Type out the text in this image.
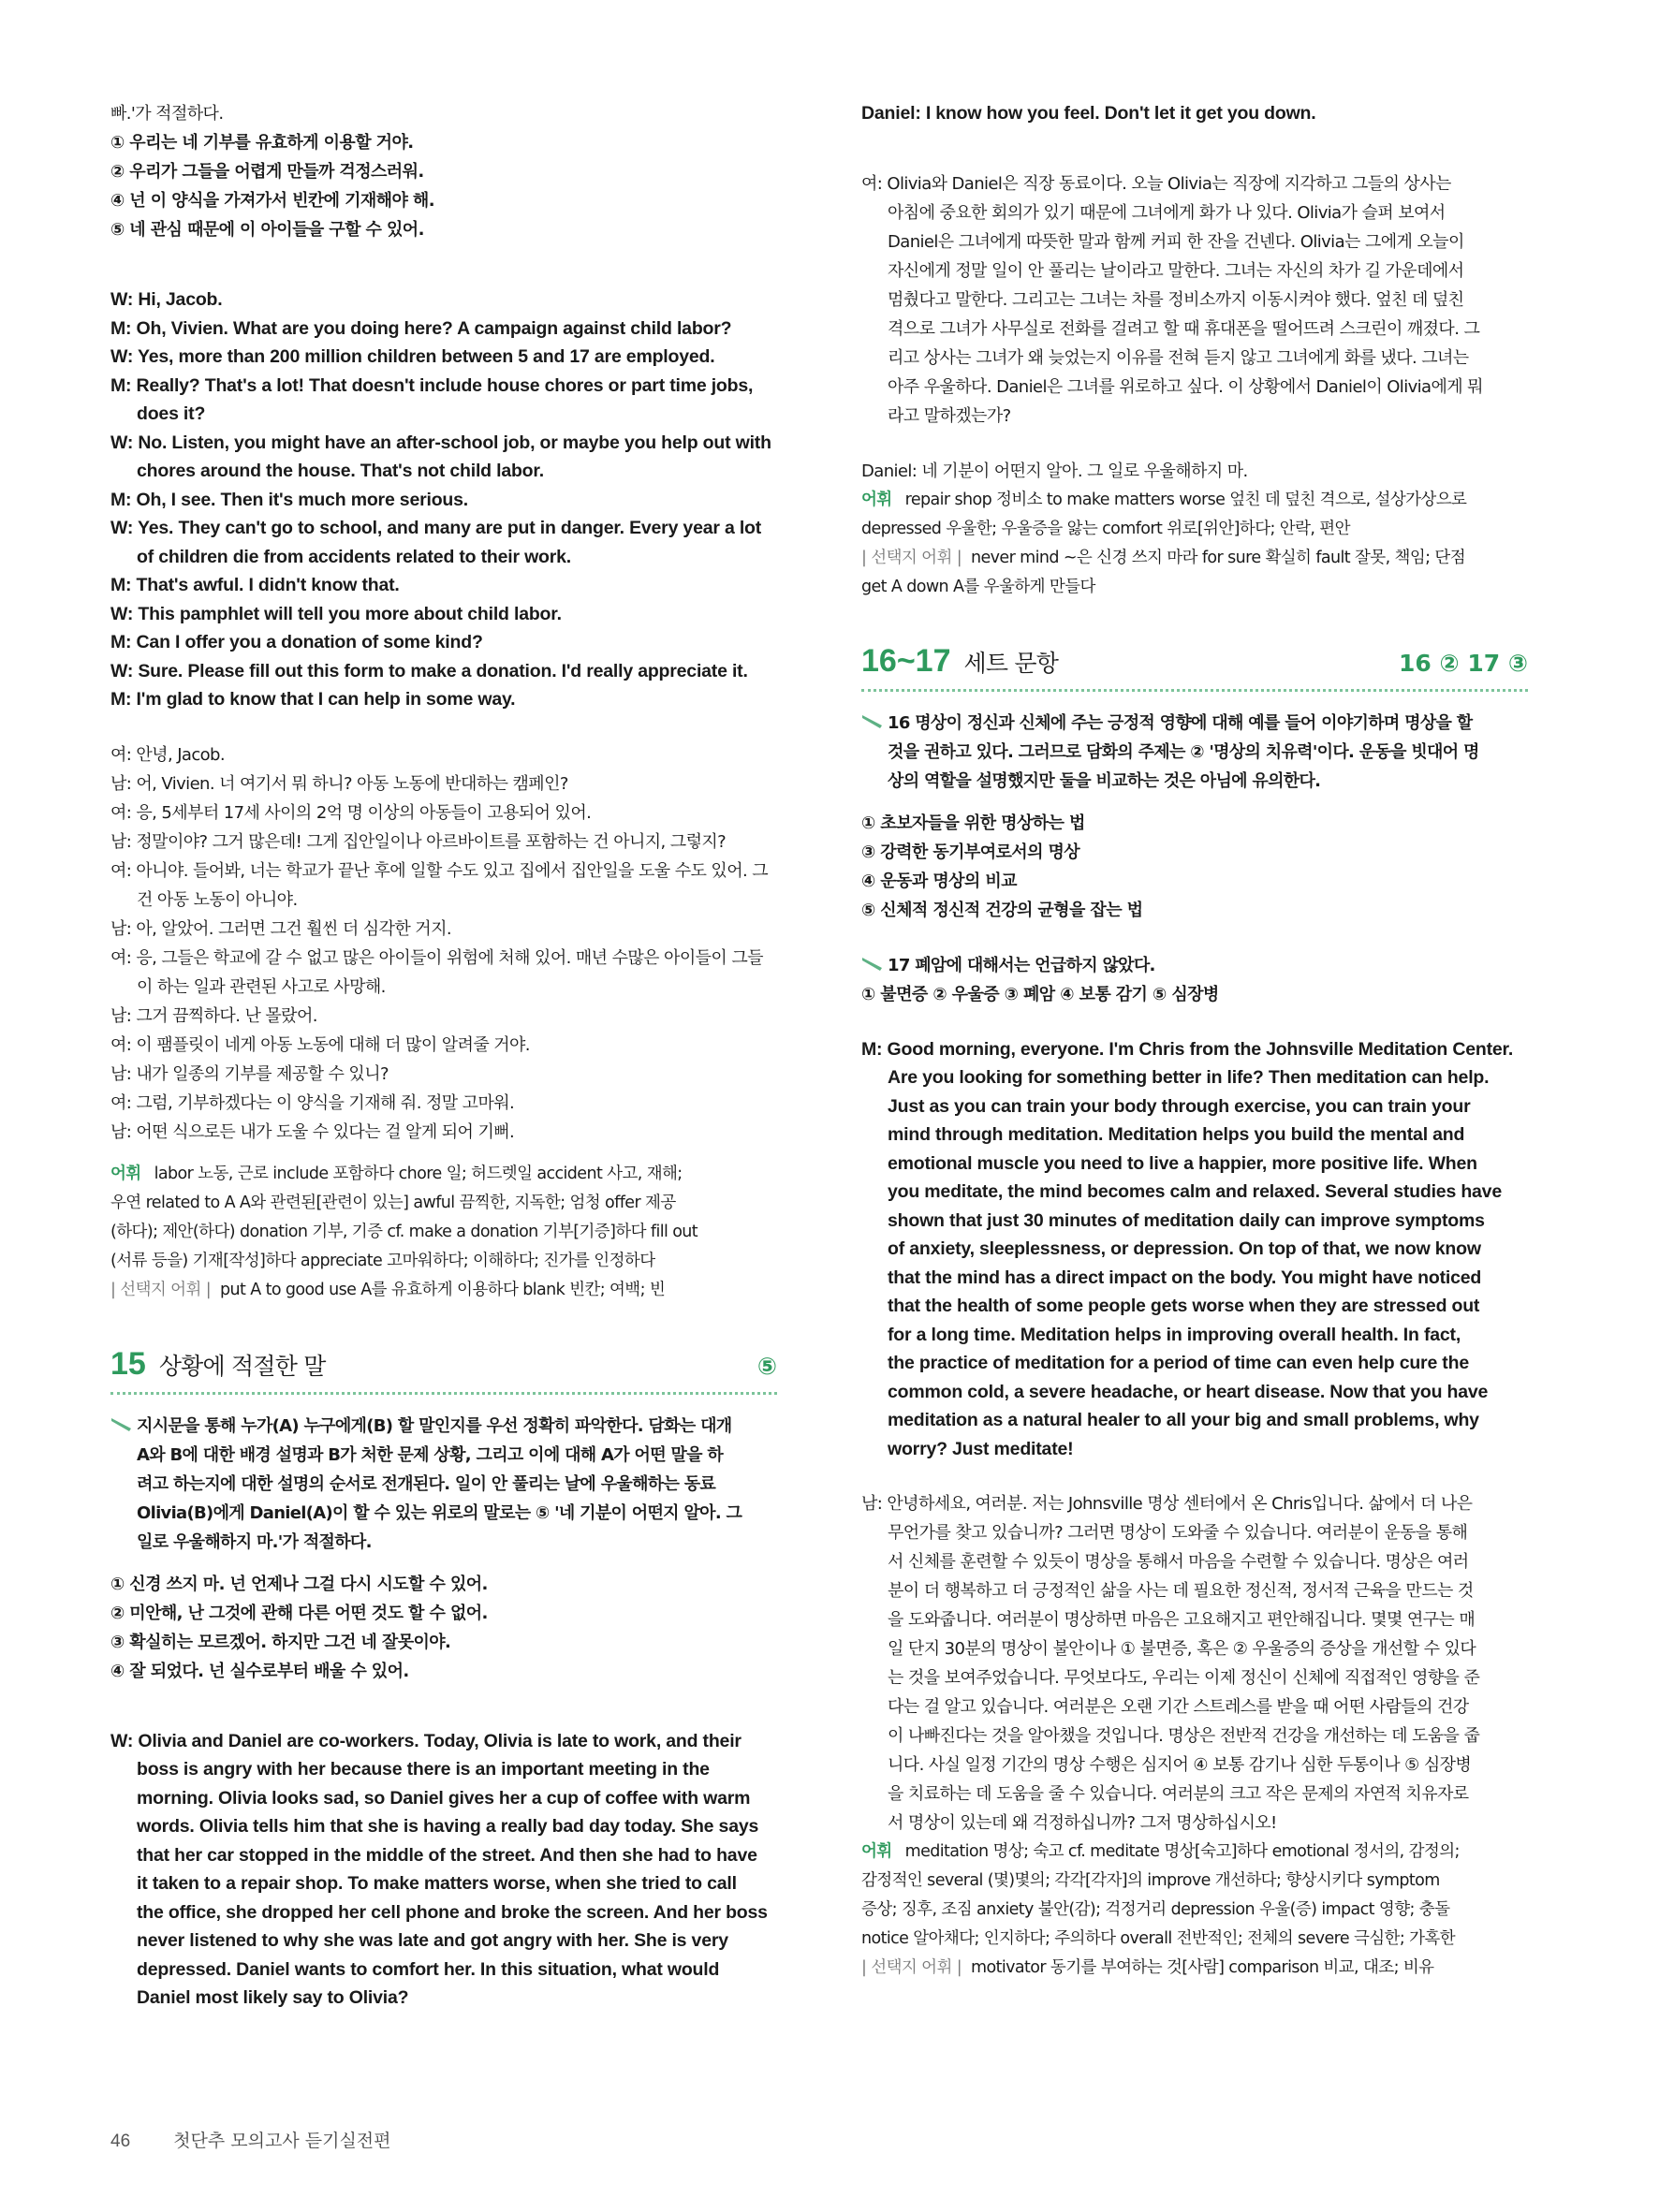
빠.'가 적절하다.
① 우리는 네 기부를 유효하게 이용할 거야.
② 우리가 그들을 어렵게 만들까 걱정스러워.
④ 넌 이 양식을 가져가서 빈칸에 기재해야 해.
⑤ 네 관심 때문에 이 아이들을 구할 수 있어.
W: Hi, Jacob.
M: Oh, Vivien. What are you doing here? A campaign against child labor?
W: Yes, more than 200 million children between 5 and 17 are employed.
M: Really? That's a lot! That doesn't include house chores or part time jobs, does it?
W: No. Listen, you might have an after-school job, or maybe you help out with chores around the house. That's not child labor.
M: Oh, I see. Then it's much more serious.
W: Yes. They can't go to school, and many are put in danger. Every year a lot of children die from accidents related to their work.
M: That's awful. I didn't know that.
W: This pamphlet will tell you more about child labor.
M: Can I offer you a donation of some kind?
W: Sure. Please fill out this form to make a donation. I'd really appreciate it.
M: I'm glad to know that I can help in some way.
여: 안녕, Jacob.
남: 어, Vivien. 너 여기서 뭐 하니? 아동 노동에 반대하는 캠페인?
여: 응, 5세부터 17세 사이의 2억 명 이상의 아동들이 고용되어 있어.
남: 정말이야? 그거 많은데! 그게 집안일이나 아르바이트를 포함하는 건 아니지, 그렇지?
여: 아니야. 들어봐, 너는 학교가 끝난 후에 일할 수도 있고 집에서 집안일을 도울 수도 있어. 그건 아동 노동이 아니야.
남: 아, 알았어. 그러면 그건 훨씬 더 심각한 거지.
여: 응, 그들은 학교에 갈 수 없고 많은 아이들이 위험에 처해 있어. 매년 수많은 아이들이 그들이 하는 일과 관련된 사고로 사망해.
남: 그거 끔찍하다. 난 몰랐어.
여: 이 팸플릿이 네게 아동 노동에 대해 더 많이 알려줄 거야.
남: 내가 일종의 기부를 제공할 수 있니?
여: 그럼, 기부하겠다는 이 양식을 기재해 줘. 정말 고마워.
남: 어떤 식으로든 내가 도울 수 있다는 걸 알게 되어 기뻐.
어휘 labor 노동, 근로 include 포함하다 chore 일; 허드렛일 accident 사고, 재해;
우연 related to A A와 관련된[관련이 있는] awful 끔찍한, 지독한; 엄청 offer 제공
(하다); 제안(하다) donation 기부, 기증 cf. make a donation 기부[기증]하다 fill out
(서류 등을) 기재[작성]하다 appreciate 고마워하다; 이해하다; 진가를 인정하다
| 선택지 어휘 | put A to good use A를 유효하게 이용하다 blank 빈칸; 여백; 빈
15 상황에 적절한 말	⑤
지시문을 통해 누가(A) 누구에게(B) 할 말인지를 우선 정확히 파악한다. 담화는 대개
A와 B에 대한 배경 설명과 B가 처한 문제 상황, 그리고 이에 대해 A가 어떤 말을 하
려고 하는지에 대한 설명의 순서로 전개된다. 일이 안 풀리는 날에 우울해하는 동료
Olivia(B)에게 Daniel(A)이 할 수 있는 위로의 말로는 ⑤ '네 기분이 어떤지 알아. 그
일로 우울해하지 마.'가 적절하다.
① 신경 쓰지 마. 넌 언제나 그걸 다시 시도할 수 있어.
② 미안해, 난 그것에 관해 다른 어떤 것도 할 수 없어.
③ 확실히는 모르겠어. 하지만 그건 네 잘못이야.
④ 잘 되었다. 넌 실수로부터 배울 수 있어.
W: Olivia and Daniel are co-workers. Today, Olivia is late to work, and their
boss is angry with her because there is an important meeting in the
morning. Olivia looks sad, so Daniel gives her a cup of coffee with warm
words. Olivia tells him that she is having a really bad day today. She says
that her car stopped in the middle of the street. And then she had to have
it taken to a repair shop. To make matters worse, when she tried to call
the office, she dropped her cell phone and broke the screen. And her boss
never listened to why she was late and got angry with her. She is very
depressed. Daniel wants to comfort her. In this situation, what would
Daniel most likely say to Olivia?
Daniel: I know how you feel. Don't let it get you down.
여: Olivia와 Daniel은 직장 동료이다. 오늘 Olivia는 직장에 지각하고 그들의 상사는
아침에 중요한 회의가 있기 때문에 그녀에게 화가 나 있다. Olivia가 슬퍼 보여서
Daniel은 그녀에게 따뜻한 말과 함께 커피 한 잔을 건넨다. Olivia는 그에게 오늘이
자신에게 정말 일이 안 풀리는 날이라고 말한다. 그녀는 자신의 차가 길 가운데에서
멈췄다고 말한다. 그리고는 그녀는 차를 정비소까지 이동시켜야 했다. 엎친 데 덮친
격으로 그녀가 사무실로 전화를 걸려고 할 때 휴대폰을 떨어뜨려 스크린이 깨졌다. 그
리고 상사는 그녀가 왜 늦었는지 이유를 전혀 듣지 않고 그녀에게 화를 냈다. 그녀는
아주 우울하다. Daniel은 그녀를 위로하고 싶다. 이 상황에서 Daniel이 Olivia에게 뭐
라고 말하겠는가?
Daniel: 네 기분이 어떤지 알아. 그 일로 우울해하지 마.
어휘 repair shop 정비소 to make matters worse 엎친 데 덮친 격으로, 설상가상으로
depressed 우울한; 우울증을 앓는 comfort 위로[위안]하다; 안락, 편안
| 선택지 어휘 | never mind ~은 신경 쓰지 마라 for sure 확실히 fault 잘못, 책임; 단점
get A down A를 우울하게 만들다
16~17 세트 문항	16 ② 17 ③
16 명상이 정신과 신체에 주는 긍정적 영향에 대해 예를 들어 이야기하며 명상을 할
것을 권하고 있다. 그러므로 담화의 주제는 ② '명상의 치유력'이다. 운동을 빗대어 명
상의 역할을 설명했지만 둘을 비교하는 것은 아님에 유의한다.
① 초보자들을 위한 명상하는 법
③ 강력한 동기부여로서의 명상
④ 운동과 명상의 비교
⑤ 신체적 정신적 건강의 균형을 잡는 법
17 폐암에 대해서는 언급하지 않았다.
① 불면증 ② 우울증 ③ 폐암 ④ 보통 감기 ⑤ 심장병
M: Good morning, everyone. I'm Chris from the Johnsville Meditation Center.
Are you looking for something better in life? Then meditation can help.
Just as you can train your body through exercise, you can train your
mind through meditation. Meditation helps you build the mental and
emotional muscle you need to live a happier, more positive life. When
you meditate, the mind becomes calm and relaxed. Several studies have
shown that just 30 minutes of meditation daily can improve symptoms
of anxiety, sleeplessness, or depression. On top of that, we now know
that the mind has a direct impact on the body. You might have noticed
that the health of some people gets worse when they are stressed out
for a long time. Meditation helps in improving overall health. In fact,
the practice of meditation for a period of time can even help cure the
common cold, a severe headache, or heart disease. Now that you have
meditation as a natural healer to all your big and small problems, why
worry? Just meditate!
남: 안녕하세요, 여러분. 저는 Johnsville 명상 센터에서 온 Chris입니다. 삶에서 더 나은
무언가를 찾고 있습니까? 그러면 명상이 도와줄 수 있습니다. 여러분이 운동을 통해
서 신체를 훈련할 수 있듯이 명상을 통해서 마음을 수련할 수 있습니다. 명상은 여러
분이 더 행복하고 더 긍정적인 삶을 사는 데 필요한 정신적, 정서적 근육을 만드는 것
을 도와줍니다. 여러분이 명상하면 마음은 고요해지고 편안해집니다. 몇몇 연구는 매
일 단지 30분의 명상이 불안이나 ① 불면증, 혹은 ② 우울증의 증상을 개선할 수 있다
는 것을 보여주었습니다. 무엇보다도, 우리는 이제 정신이 신체에 직접적인 영향을 준
다는 걸 알고 있습니다. 여러분은 오랜 기간 스트레스를 받을 때 어떤 사람들의 건강
이 나빠진다는 것을 알아챘을 것입니다. 명상은 전반적 건강을 개선하는 데 도움을 줍
니다. 사실 일정 기간의 명상 수행은 심지어 ④ 보통 감기나 심한 두통이나 ⑤ 심장병
을 치료하는 데 도움을 줄 수 있습니다. 여러분의 크고 작은 문제의 자연적 치유자로
서 명상이 있는데 왜 걱정하십니까? 그저 명상하십시오!
어휘 meditation 명상; 숙고 cf. meditate 명상[숙고]하다 emotional 정서의, 감정의;
감정적인 several (몇)몇의; 각각[각자]의 improve 개선하다; 향상시키다 symptom
증상; 징후, 조짐 anxiety 불안(감); 걱정거리 depression 우울(증) impact 영향; 충돌
notice 알아채다; 인지하다; 주의하다 overall 전반적인; 전체의 severe 극심한; 가혹한
| 선택지 어휘 | motivator 동기를 부여하는 것[사람] comparison 비교, 대조; 비유
46 첫단추 모의고사 듣기실전편
